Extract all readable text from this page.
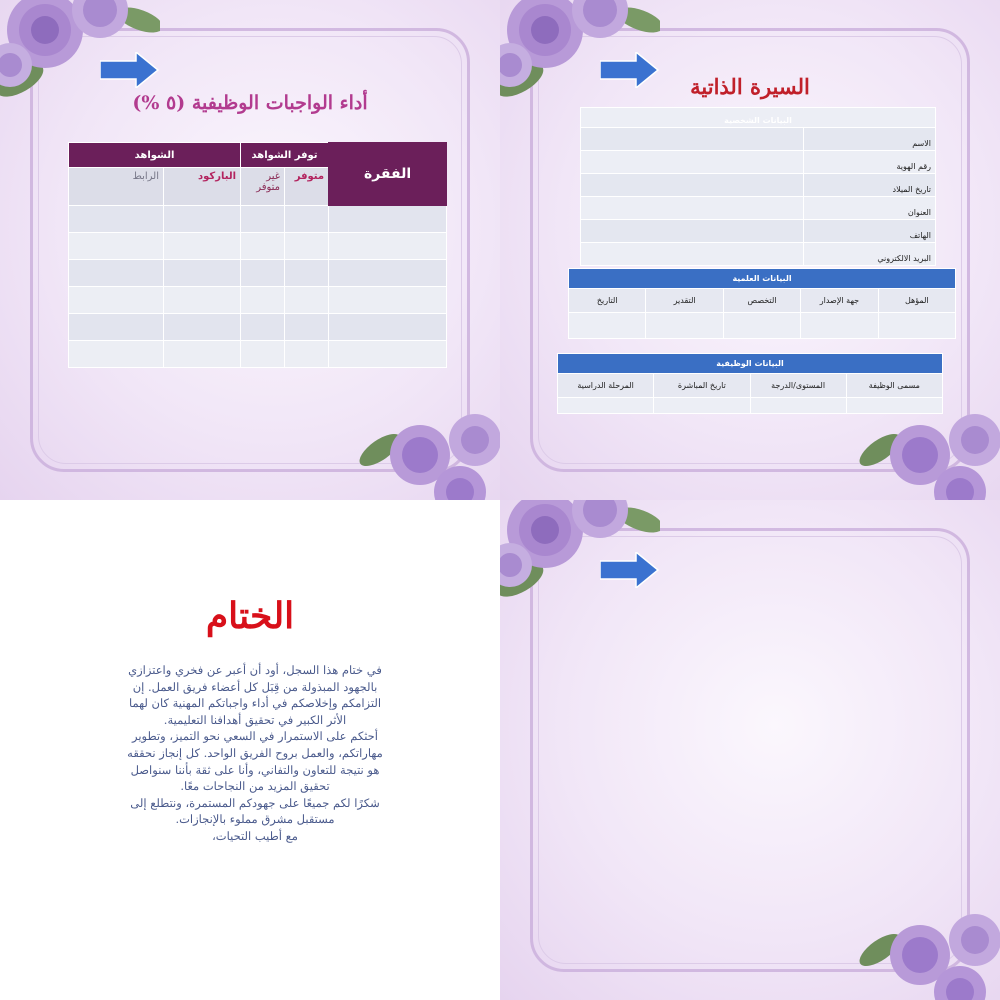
أداء الواجبات الوظيفية (٥ %)
الفقرة	توفر الشواهد		الشواهد	
	متوفر	غير متوفر	الباركود	الرابط

السيرة الذاتية
البيانات الشخصية	
الاسم	
رقم الهوية	
تاريخ الميلاد	
العنوان	
الهاتف	
البريد الالكتروني	
البيانات العلمية				
المؤهل	جهة الإصدار	التخصص	التقدير	التاريخ

البيانات الوظيفية			
مسمى الوظيفة	المستوى/الدرجة	تاريخ المباشرة	المرحلة الدراسية

الختام
في ختام هذا السجل، أود أن أعبر عن فخري واعتزازي
بالجهود المبذولة من قِبَل كل أعضاء فريق العمل. إن
التزامكم وإخلاصكم في أداء واجباتكم المهنية كان لهما
الأثر الكبير في تحقيق أهدافنا التعليمية.
أحثكم على الاستمرار في السعي نحو التميز، وتطوير
مهاراتكم، والعمل بروح الفريق الواحد. كل إنجاز نحققه
هو نتيجة للتعاون والتفاني، وأنا على ثقة بأننا سنواصل
تحقيق المزيد من النجاحات معًا.
شكرًا لكم جميعًا على جهودكم المستمرة، ونتطلع إلى
مستقبل مشرق مملوء بالإنجازات.
مع أطيب التحيات،
